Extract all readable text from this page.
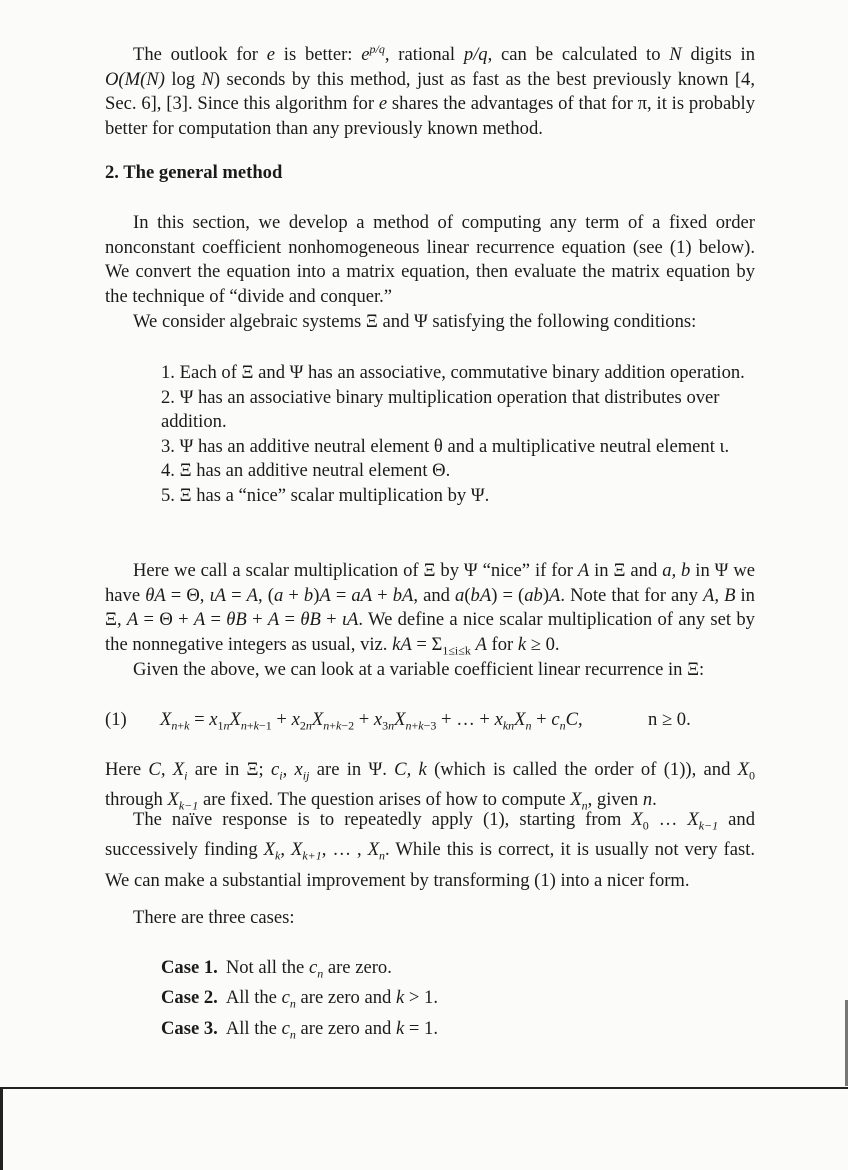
The outlook for e is better: $e^{p/q}$, rational p/q, can be calculated to N digits in O(M(N) log N) seconds by this method, just as fast as the best previously known [4, Sec. 6], [3]. Since this algorithm for e shares the advantages of that for π, it is probably better for computation than any previously known method.

2. The general method

In this section, we develop a method of computing any term of a fixed order nonconstant coefficient nonhomogeneous linear recurrence equation (see (1) below). We convert the equation into a matrix equation, then evaluate the matrix equation by the technique of “divide and conquer.”

We consider algebraic systems Ξ and Ψ satisfying the following conditions:

1. Each of Ξ and Ψ has an associative, commutative binary addition operation.

2. Ψ has an associative binary multiplication operation that distributes over addition.

3. Ψ has an additive neutral element θ and a multiplicative neutral element ι.

4. Ξ has an additive neutral element Θ.

5. Ξ has a “nice” scalar multiplication by Ψ.

Here we call a scalar multiplication of Ξ by Ψ “nice” if for A in Ξ and a, b in Ψ we have θA = Θ, ιA = A, (a + b)A = aA + bA, and a(bA) = (ab)A. Note that for any A, B in Ξ, A = Θ + A = θB + A = θB + ιA. We define a nice scalar multiplication of any set by the nonnegative integers as usual, viz. kA = $\Sigma_{1\le i\le k}$ A for k ≥ 0.

Given the above, we can look at a variable coefficient linear recurrence in Ξ:

(1) $X_{n+k} = x_{1n}X_{n+k-1} + x_{2n}X_{n+k-2} + x_{3n}X_{n+k-3}$ + … + $x_{kn}X_n + c_nC$,	n ≥ 0.

Here C, $X_i$ are in Ξ; $c_i$, $x_{ij}$ are in Ψ. C, k (which is called the order of (1)), and $X_0$ through $X_{k-1}$ are fixed. The question arises of how to compute $X_n$, given n.

The naïve response is to repeatedly apply (1), starting from $X_0$ … $X_{k-1}$ and successively finding $X_k$, $X_{k+1}$, … , $X_n$. While this is correct, it is usually not very fast. We can make a substantial improvement by transforming (1) into a nicer form.

There are three cases:

Case 1. Not all the $c_n$ are zero.

Case 2. All the $c_n$ are zero and k > 1.

Case 3. All the $c_n$ are zero and k = 1.
